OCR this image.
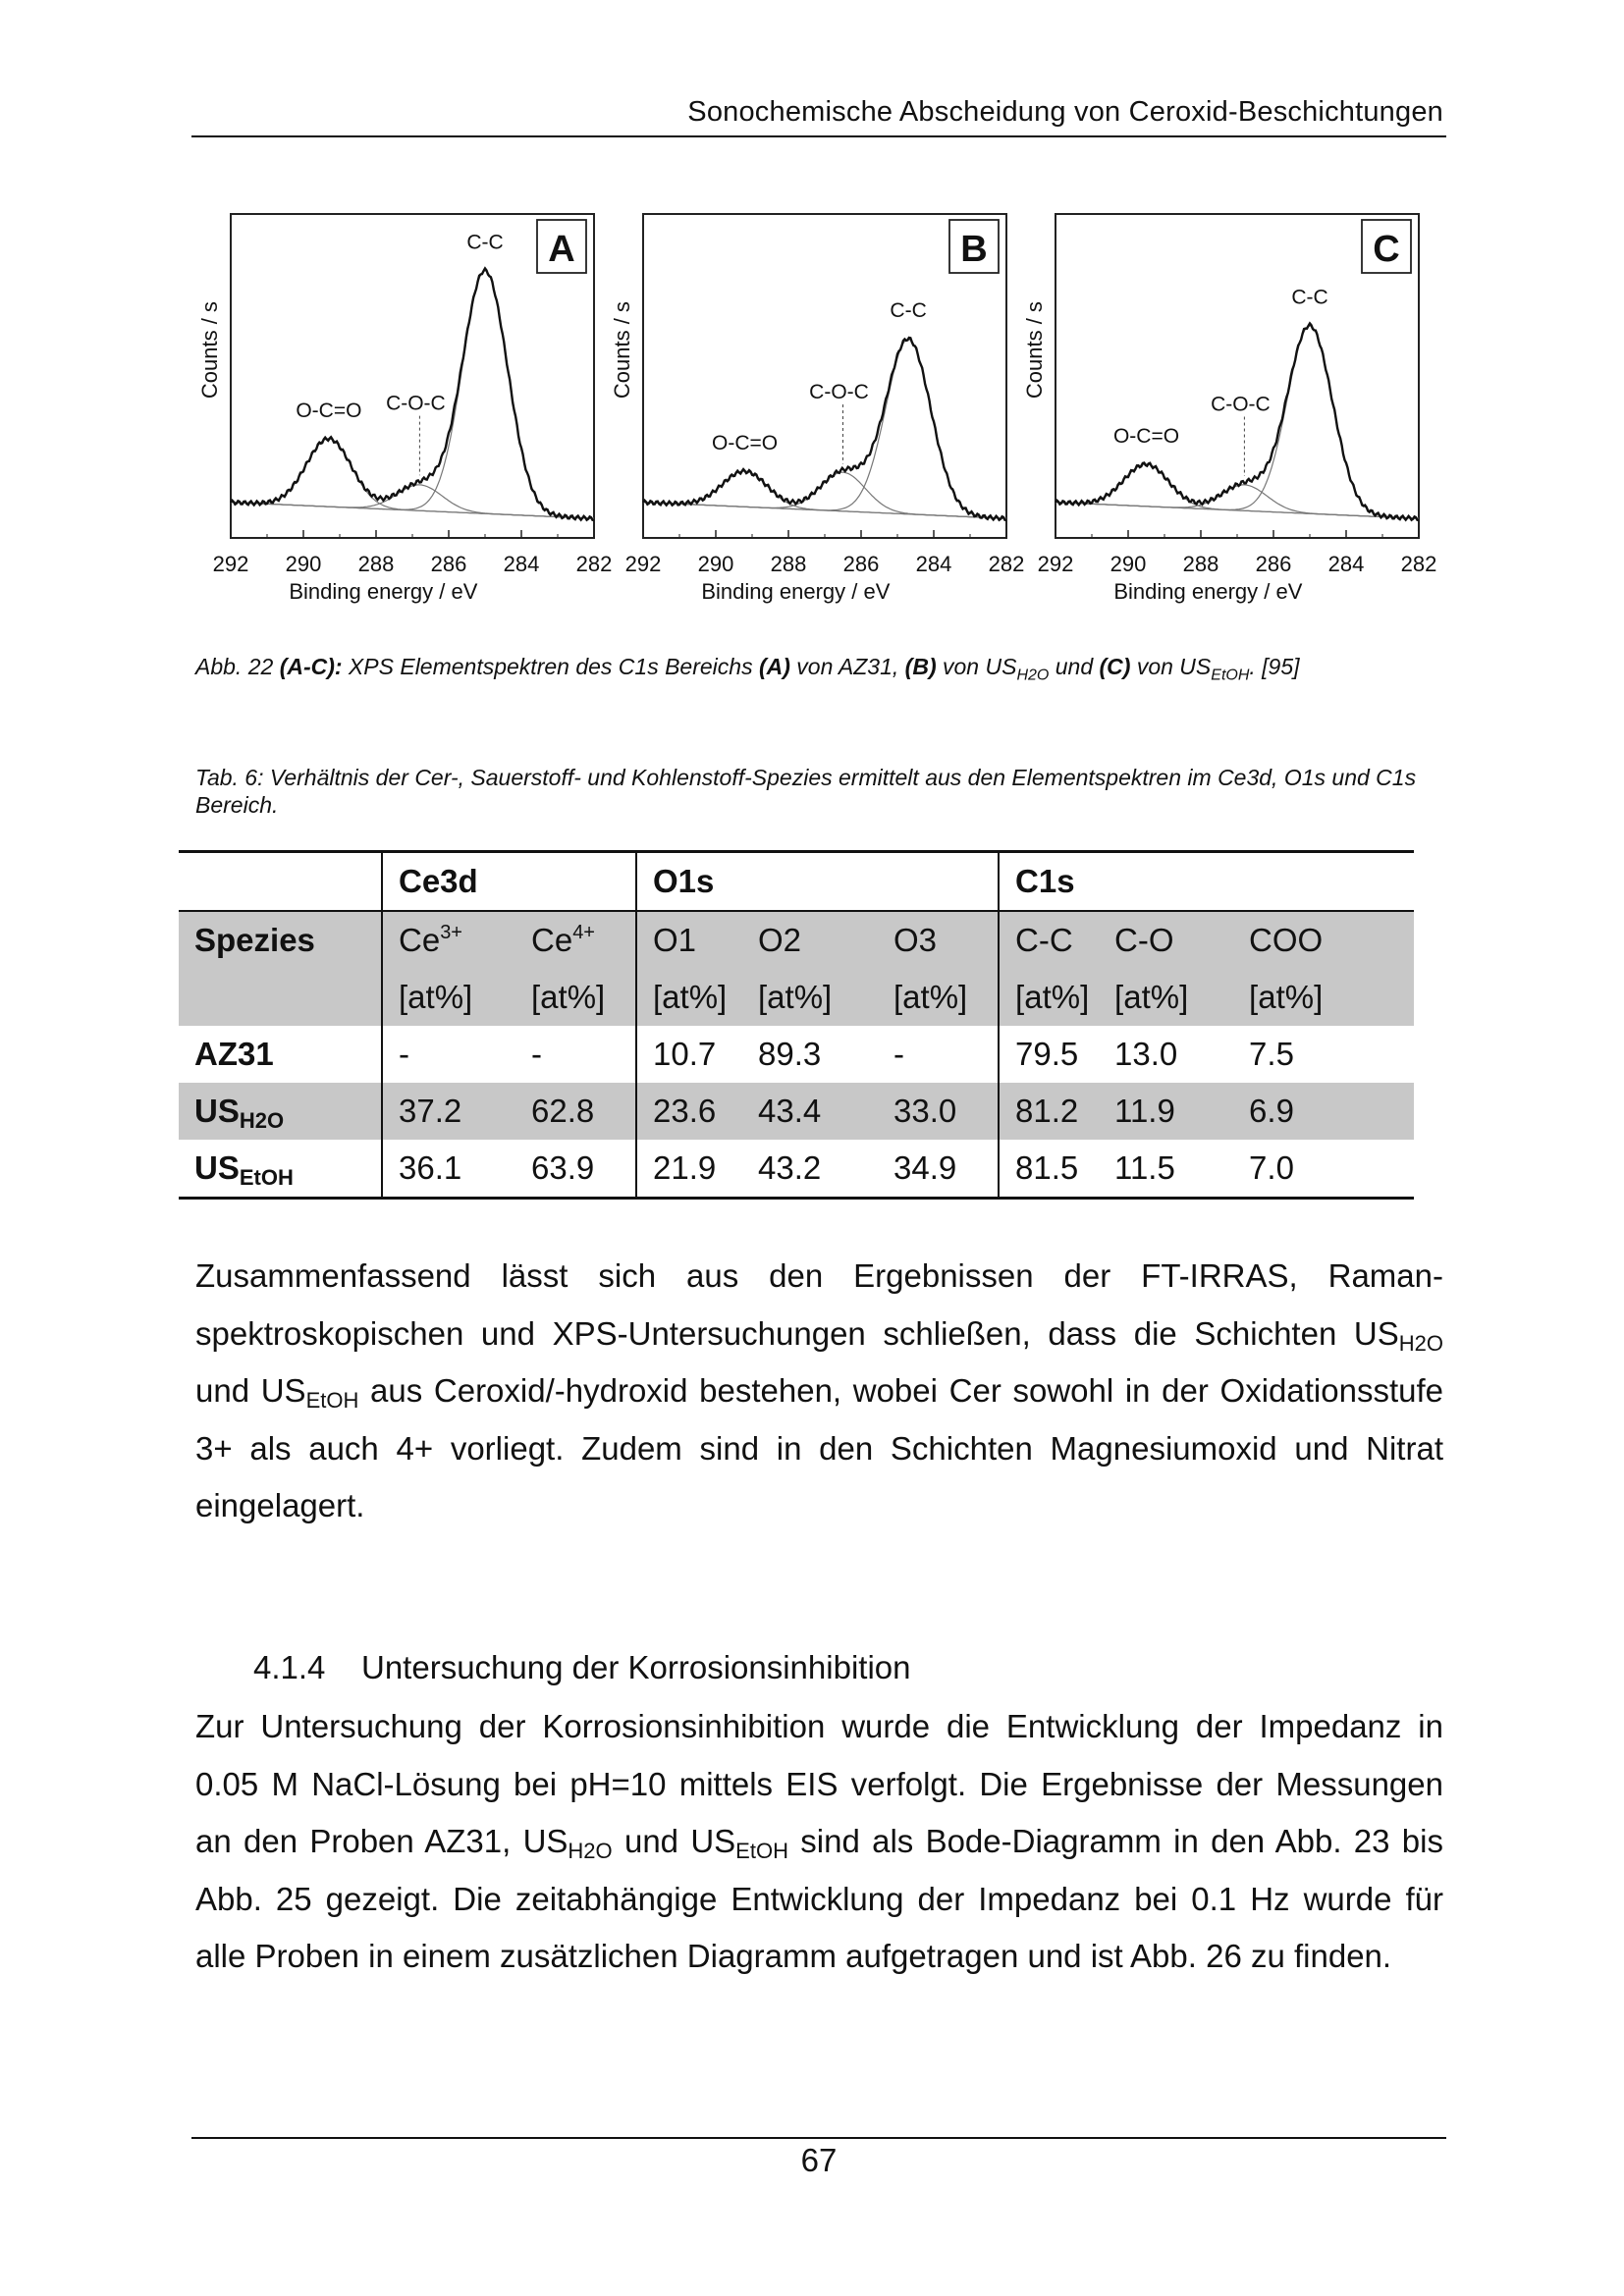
Sonochemische Abscheidung von Ceroxid-Beschichtungen
292 290 288 286 284 282
O-C=O C-O-C
C-C A
Counts / s
Binding energy / eV
292 290 288 286 284 282
O-C=O
C-O-C
C-C
B
Counts / s
Binding energy / eV
292 290 288 286 284 282
O-C=O
C-O-C
C-C
C
Counts / s
Binding energy / eV
Abb. 22 (A-C): XPS Elementspektren des C1s Bereichs (A) von AZ31, (B) von $US_{H2O}$ und (C) von $US_{EtOH}$. [95]
Tab. 6: Verhältnis der Cer-, Sauerstoff- und Kohlenstoff-Spezies ermittelt aus den Elementspektren im Ce3d, O1s und C1s Bereich.
	Ce3d		O1s			C1s		
Spezies	$Ce^{3+}$	$Ce^{4+}$	O1	O2	O3	C-C	C-O	COO
	[at%]	[at%]	[at%]	[at%]	[at%]	[at%]	[at%]	[at%]
AZ31	-	-	10.7	89.3	-	79.5	13.0	7.5
$US_{H2O}$	37.2	62.8	23.6	43.4	33.0	81.2	11.9	6.9
$US_{EtOH}$	36.1	63.9	21.9	43.2	34.9	81.5	11.5	7.0
Zusammenfassend lässt sich aus den Ergebnissen der FT-IRRAS, Raman-spektroskopischen und XPS-Untersuchungen schließen, dass die Schichten $US_{H2O}$ und $US_{EtOH}$ aus Ceroxid/-hydroxid bestehen, wobei Cer sowohl in der Oxidationsstufe 3+ als auch 4+ vorliegt. Zudem sind in den Schichten Magnesiumoxid und Nitrat eingelagert.
4.1.4 Untersuchung der Korrosionsinhibition
Zur Untersuchung der Korrosionsinhibition wurde die Entwicklung der Impedanz in 0.05 M NaCl-Lösung bei pH=10 mittels EIS verfolgt. Die Ergebnisse der Messungen an den Proben AZ31, $US_{H2O}$ und $US_{EtOH}$ sind als Bode-Diagramm in den Abb. 23 bis Abb. 25 gezeigt. Die zeitabhängige Entwicklung der Impedanz bei 0.1 Hz wurde für alle Proben in einem zusätzlichen Diagramm aufgetragen und ist Abb. 26 zu finden.
67
